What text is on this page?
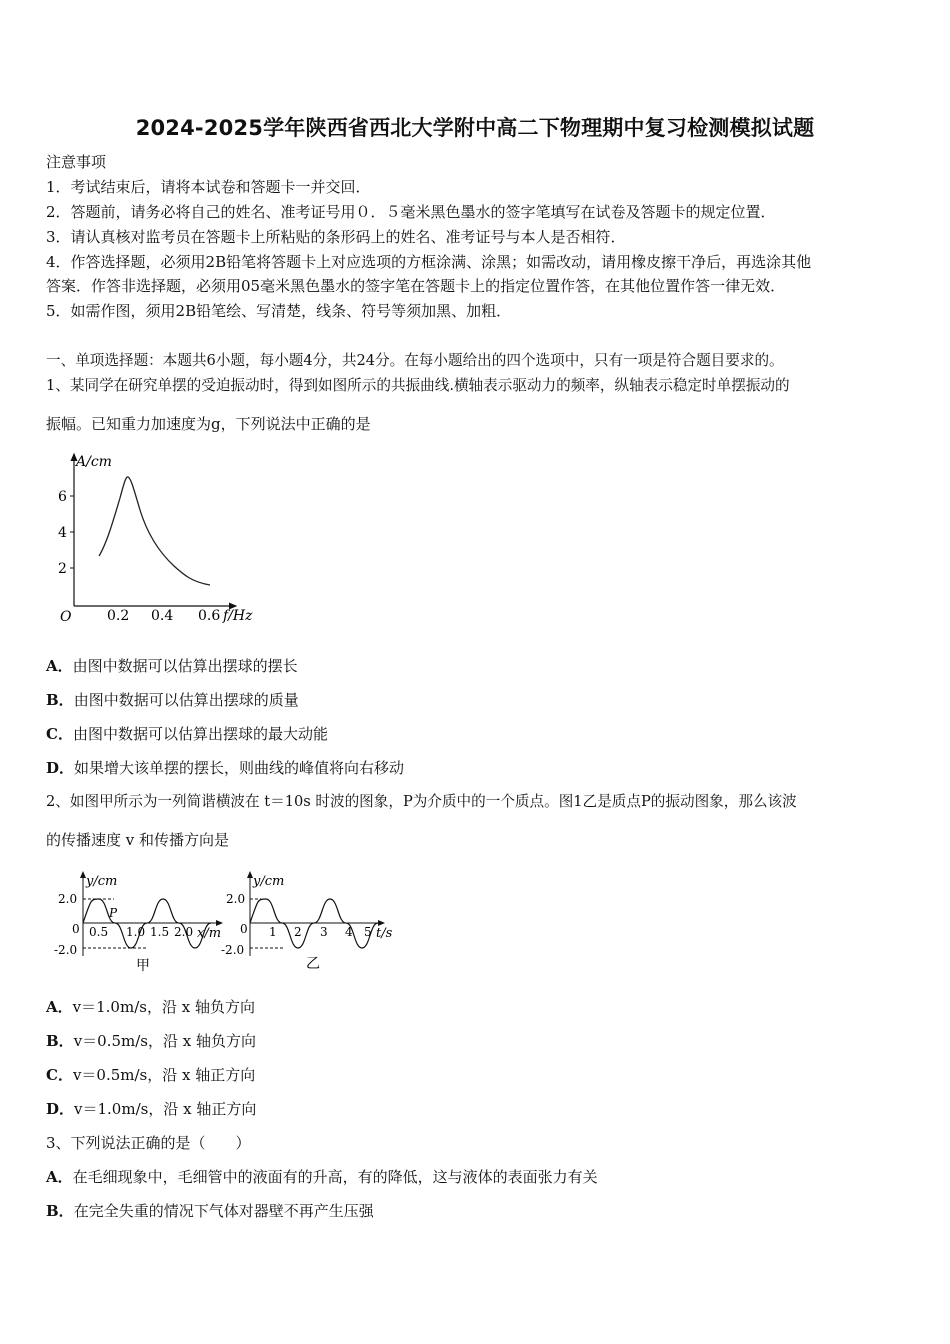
2024-2025学年陕西省西北大学附中高二下物理期中复习检测模拟试题
注意事项
1．考试结束后，请将本试卷和答题卡一并交回．
2．答题前，请务必将自己的姓名、准考证号用０．５毫米黑色墨水的签字笔填写在试卷及答题卡的规定位置．
3．请认真核对监考员在答题卡上所粘贴的条形码上的姓名、准考证号与本人是否相符．
4．作答选择题，必须用2B铅笔将答题卡上对应选项的方框涂满、涂黑；如需改动，请用橡皮擦干净后，再选涂其他
答案．作答非选择题，必须用05毫米黑色墨水的签字笔在答题卡上的指定位置作答，在其他位置作答一律无效．
5．如需作图，须用2B铅笔绘、写清楚，线条、符号等须加黑、加粗．
一、单项选择题：本题共6小题，每小题4分，共24分。在每小题给出的四个选项中，只有一项是符合题目要求的。
1、某同学在研究单摆的受迫振动时，得到如图所示的共振曲线.横轴表示驱动力的频率，纵轴表示稳定时单摆振动的
振幅。已知重力加速度为g，下列说法中正确的是
A/cm
f/Hz
O
6
4
2
0.2 0.4 0.6
A．由图中数据可以估算出摆球的摆长
B．由图中数据可以估算出摆球的质量
C．由图中数据可以估算出摆球的最大动能
D．如果增大该单摆的摆长，则曲线的峰值将向右移动
2、如图甲所示为一列简谐横波在 t＝10s 时波的图象，P为介质中的一个质点。图1乙是质点P的振动图象，那么该波
的传播速度 v 和传播方向是
y/cm
2.0
-2.0
0
P
0.5 1.0 1.5 2.0 x/m
甲
y/cm
2.0
-2.0
0 1 2 3 4 5 t/s
乙
A．v＝1.0m/s，沿 x 轴负方向
B．v＝0.5m/s，沿 x 轴负方向
C．v＝0.5m/s，沿 x 轴正方向
D．v＝1.0m/s，沿 x 轴正方向
3、下列说法正确的是（　　）
A．在毛细现象中，毛细管中的液面有的升高，有的降低，这与液体的表面张力有关
B．在完全失重的情况下气体对器壁不再产生压强
